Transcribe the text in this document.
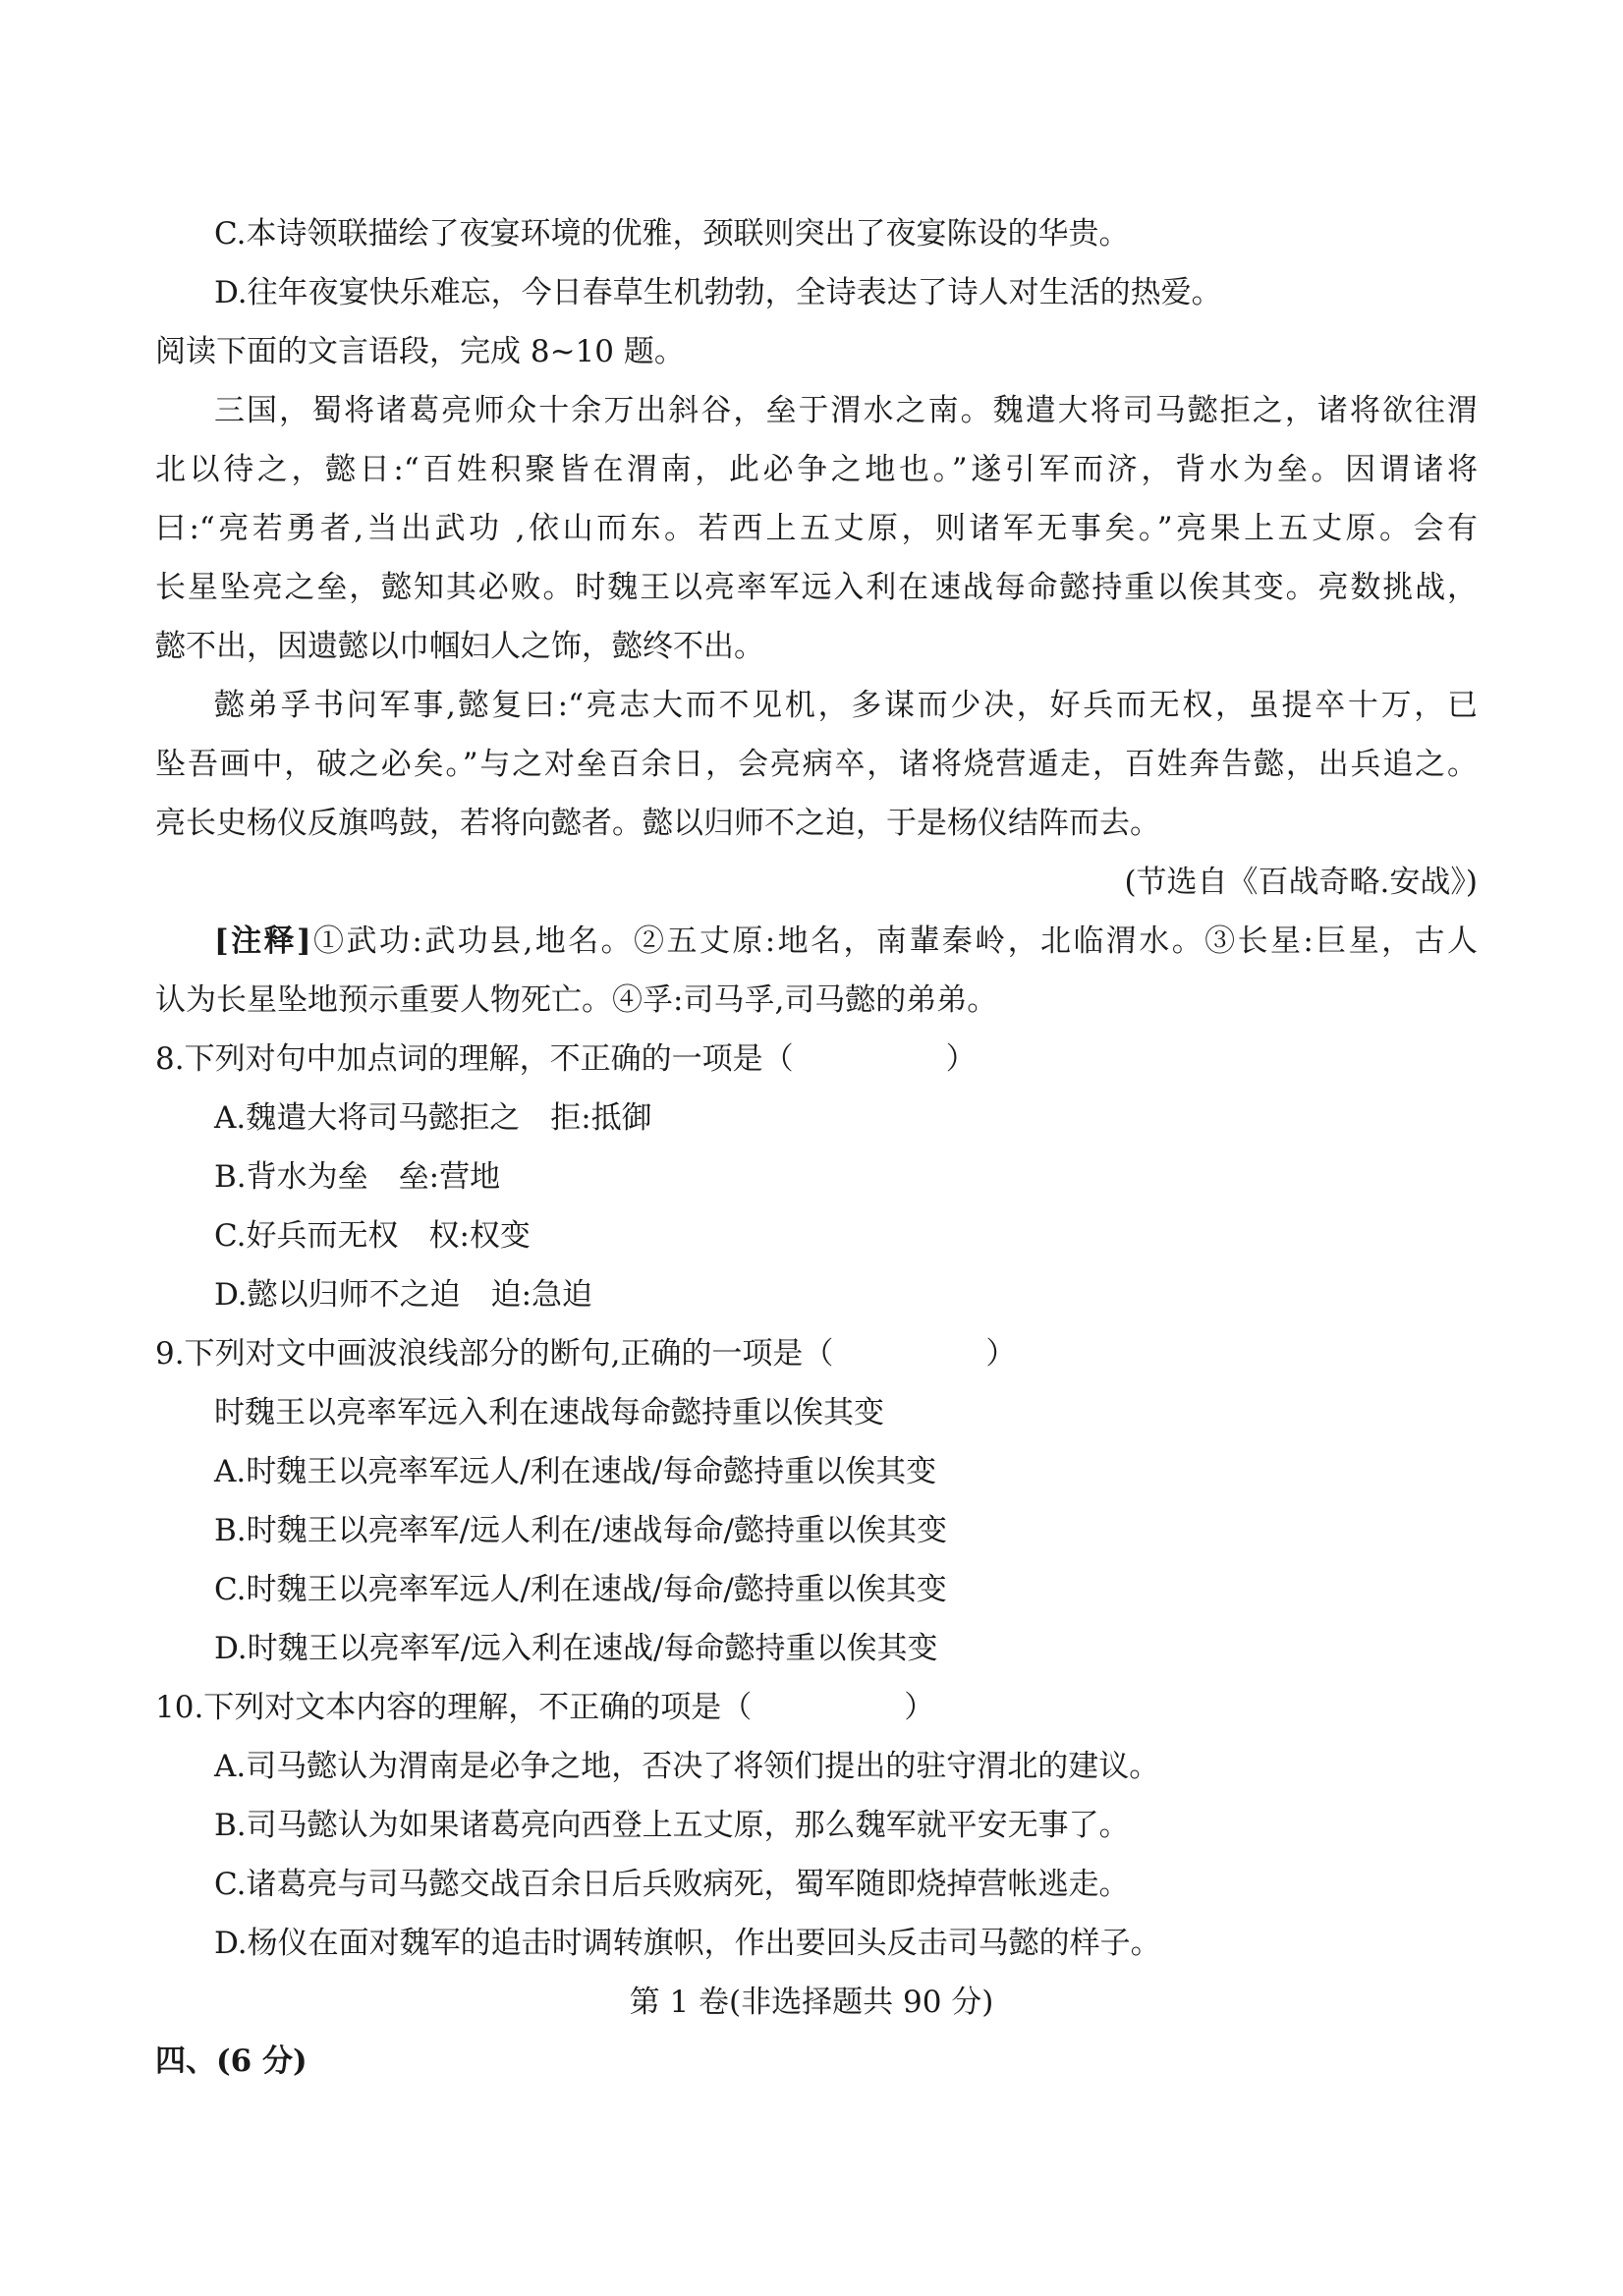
C.本诗领联描绘了夜宴环境的优雅，颈联则突出了夜宴陈设的华贵。
D.往年夜宴快乐难忘，今日春草生机勃勃，全诗表达了诗人对生活的热爱。
阅读下面的文言语段，完成 8~10 题。
三国，蜀将诸葛亮师众十余万出斜谷，垒于渭水之南。魏遣大将司马懿拒之，诸将欲往渭
北以待之，懿日:“百姓积聚皆在渭南，此必争之地也。”遂引军而济，背水为垒。因谓诸将
曰:“亮若勇者,当出武功 ,依山而东。若西上五丈原，则诸军无事矣。”亮果上五丈原。会有
长星坠亮之垒，懿知其必败。时魏王以亮率军远入利在速战每命懿持重以俟其变。亮数挑战，
懿不出，因遗懿以巾帼妇人之饰，懿终不出。
懿弟孚书问军事,懿复曰:“亮志大而不见机，多谋而少决，好兵而无权，虽提卒十万，已
坠吾画中，破之必矣。”与之对垒百余日，会亮病卒，诸将烧营遁走，百姓奔告懿，出兵追之。
亮长史杨仪反旗鸣鼓，若将向懿者。懿以归师不之迫，于是杨仪结阵而去。
(节选自《百战奇略.安战》)
[注释]①武功:武功县,地名。②五丈原:地名，南輩秦岭，北临渭水。③长星:巨星，古人
认为长星坠地预示重要人物死亡。④孚:司马孚,司马懿的弟弟。
8.下列对句中加点词的理解，不正确的一项是（　　　　　）
A.魏遣大将司马懿拒之　拒:抵御
B.背水为垒　垒:营地
C.好兵而无权　权:权变
D.懿以归师不之迫　迫:急迫
9.下列对文中画波浪线部分的断句,正确的一项是（　　　　　）
时魏王以亮率军远入利在速战每命懿持重以俟其变
A.时魏王以亮率军远人/利在速战/每命懿持重以俟其变
B.时魏王以亮率军/远人利在/速战每命/懿持重以俟其变
C.时魏王以亮率军远人/利在速战/每命/懿持重以俟其变
D.时魏王以亮率军/远入利在速战/每命懿持重以俟其变
10.下列对文本内容的理解，不正确的项是（　　　　　）
A.司马懿认为渭南是必争之地，否决了将领们提出的驻守渭北的建议。
B.司马懿认为如果诸葛亮向西登上五丈原，那么魏军就平安无事了。
C.诸葛亮与司马懿交战百余日后兵败病死，蜀军随即烧掉营帐逃走。
D.杨仪在面对魏军的追击时调转旗帜，作出要回头反击司马懿的样子。
第 1 卷(非选择题共 90 分)
四、(6 分)
